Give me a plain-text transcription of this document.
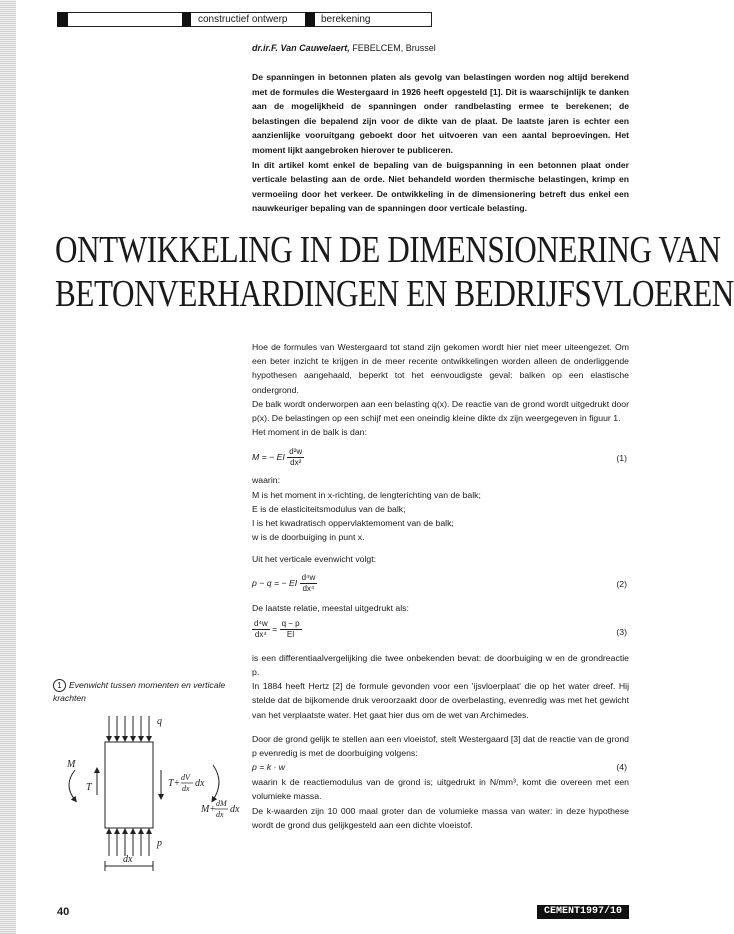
constructief ontwerp	berekening
dr.ir.F. Van Cauwelaert, FEBELCEM, Brussel

De spanningen in betonnen platen als gevolg van belastingen worden nog altijd berekend met de formules die Westergaard in 1926 heeft opgesteld [1]. Dit is waarschijnlijk te danken aan de mogelijkheid de spanningen onder randbelasting ermee te berekenen; de belastingen die bepalend zijn voor de dikte van de plaat. De laatste jaren is echter een aanzienlijke vooruitgang geboekt door het uitvoeren van een aantal beproevingen. Het moment lijkt aangebroken hierover te publiceren.

In dit artikel komt enkel de bepaling van de buigspanning in een betonnen plaat onder verticale belasting aan de orde. Niet behandeld worden thermische belastingen, krimp en vermoeiing door het verkeer. De ontwikkeling in de dimensionering betreft dus enkel een nauwkeuriger bepaling van de spanningen door verticale belasting.

ONTWIKKELING IN DE DIMENSIONERING VAN
BETONVERHARDINGEN EN BEDRIJFSVLOEREN

Hoe de formules van Westergaard tot stand zijn gekomen wordt hier niet meer uiteengezet. Om een beter inzicht te krijgen in de meer recente ontwikkelingen worden alleen de onderliggende hypothesen aangehaald, beperkt tot het eenvoudigste geval: balken op een elastische ondergrond.

De balk wordt onderworpen aan een belasting q(x). De reactie van de grond wordt uitgedrukt door p(x). De belastingen op een schijf met een oneindig kleine dikte dx zijn weergegeven in figuur 1.

Het moment in de balk is dan:

M = − EI $\frac{\text{d²w}}{\text{dx²}}$	(1)

waarin:

M is het moment in x-richting, de lengterichting van de balk;
E is de elasticiteitsmodulus van de balk;
I is het kwadratisch oppervlaktemoment van de balk;
w is de doorbuiging in punt x.

Uit het verticale evenwicht volgt:

p − q = − EI $\frac{\text{d⁴w}}{\text{dx⁴}}$	(2)

De laatste relatie, meestal uitgedrukt als:

$\frac{\text{d⁴w}}{\text{dx⁴}} = \frac{q - p}{EI}$	(3)

is een differentiaalvergelijking die twee onbekenden bevat: de doorbuiging w en de grondreactie p.

In 1884 heeft Hertz [2] de formule gevonden voor een 'ijsvloerplaat' die op het water dreef. Hij stelde dat de bijkomende druk veroorzaakt door de overbelasting, evenredig was met het gewicht van het verplaatste water. Het gaat hier dus om de wet van Archimedes.

Door de grond gelijk te stellen aan een vloeistof, stelt Westergaard [3] dat de reactie van de grond p evenredig is met de doorbuiging volgens:

p = k · w	(4)

waarin k de reactiemodulus van de grond is; uitgedrukt in N/mm³, komt die overeen met een volumieke massa.

De k-waarden zijn 10 000 maal groter dan de volumieke massa van water: in deze hypothese wordt de grond dus gelijkgesteld aan een dichte vloeistof.

1 Evenwicht tussen momenten en verticale krachten
q
p
T
M
T+
dV
dx dx
M+
dM
dx dx
dx
40	CEMENT1997/10
